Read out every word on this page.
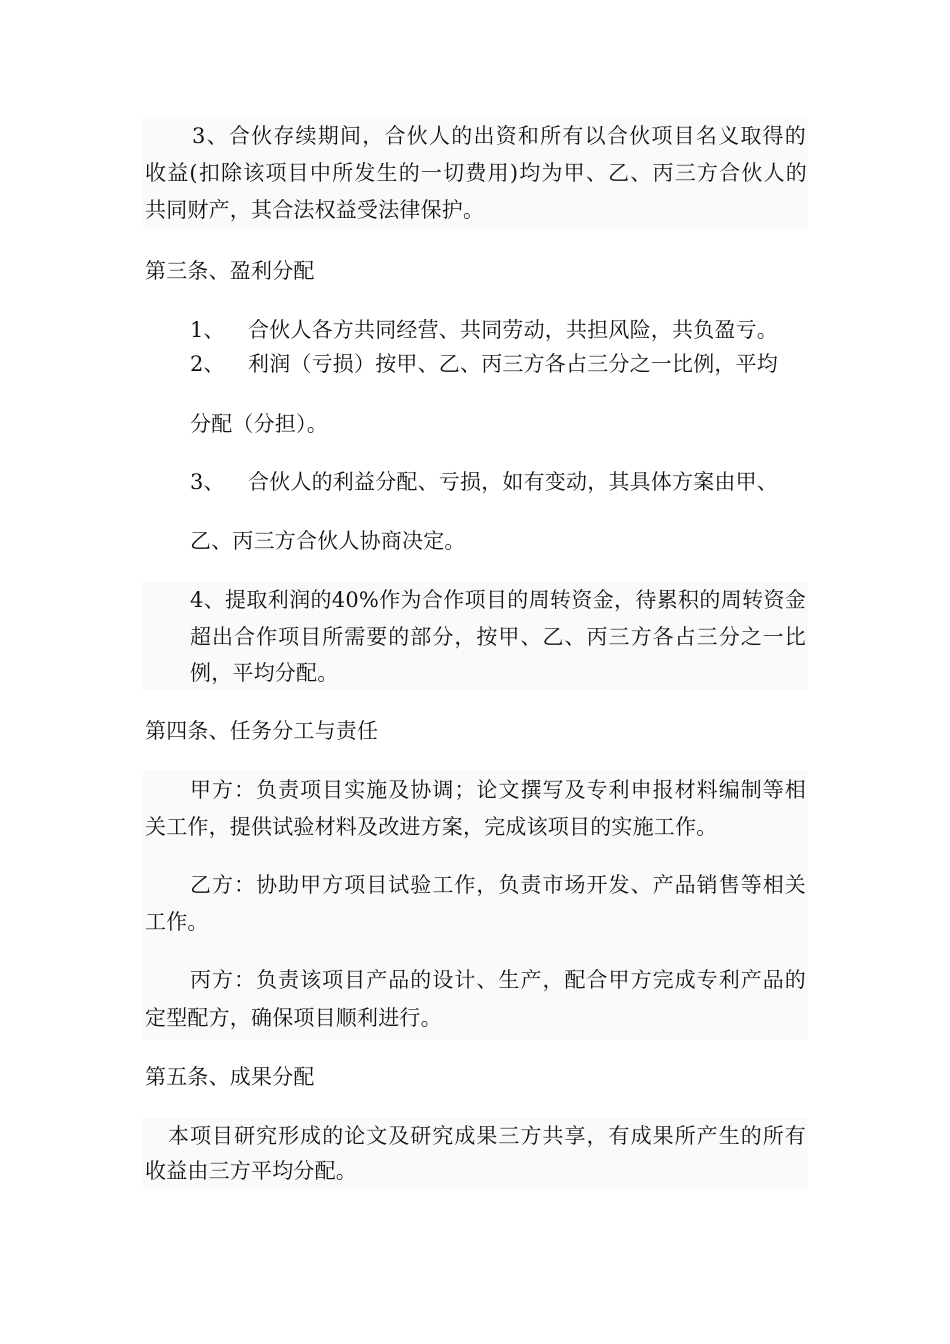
3、合伙存续期间，合伙人的出资和所有以合伙项目名义取得的
收益(扣除该项目中所发生的一切费用)均为甲、乙、丙三方合伙人的
共同财产，其合法权益受法律保护。
第三条、盈利分配
1、 合伙人各方共同经营、共同劳动，共担风险，共负盈亏。
2、 利润（亏损）按甲、乙、丙三方各占三分之一比例，平均
分配（分担）。
3、 合伙人的利益分配、亏损，如有变动，其具体方案由甲、
乙、丙三方合伙人协商决定。
4、提取利润的40%作为合作项目的周转资金，待累积的周转资金
超出合作项目所需要的部分，按甲、乙、丙三方各占三分之一比
例，平均分配。
第四条、任务分工与责任
甲方：负责项目实施及协调；论文撰写及专利申报材料编制等相
关工作，提供试验材料及改进方案，完成该项目的实施工作。
乙方：协助甲方项目试验工作，负责市场开发、产品销售等相关
工作。
丙方：负责该项目产品的设计、生产，配合甲方完成专利产品的
定型配方，确保项目顺利进行。
第五条、成果分配
本项目研究形成的论文及研究成果三方共享，有成果所产生的所有
收益由三方平均分配。
